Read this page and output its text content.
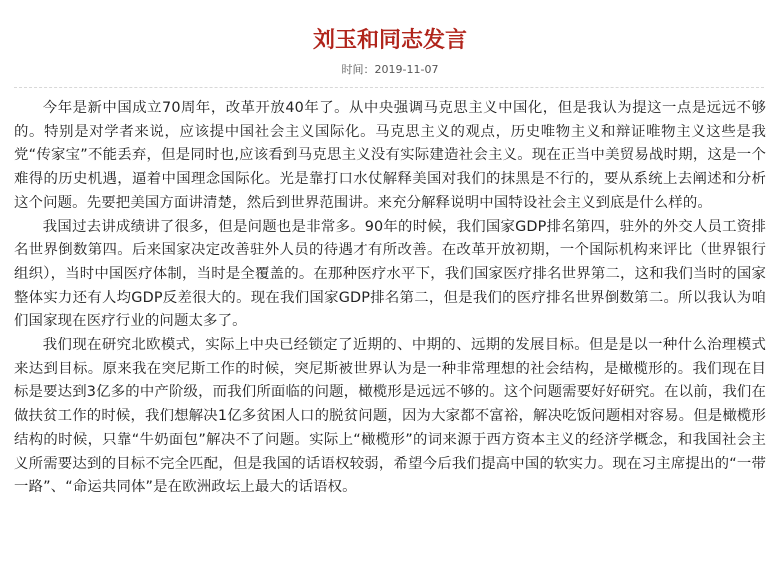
刘玉和同志发言
时间：2019-11-07

今年是新中国成立70周年，改革开放40年了。从中央强调马克思主义中国化，但是我认为提这一点是远远不够的。特别是对学者来说，应该提中国社会主义国际化。马克思主义的观点，历史唯物主义和辩证唯物主义这些是我党“传家宝”不能丢弃，但是同时也,应该看到马克思主义没有实际建造社会主义。现在正当中美贸易战时期，这是一个难得的历史机遇，逼着中国理念国际化。光是靠打口水仗解释美国对我们的抹黑是不行的，要从系统上去阐述和分析这个问题。先要把美国方面讲清楚，然后到世界范围讲。来充分解释说明中国特设社会主义到底是什么样的。

我国过去讲成绩讲了很多，但是问题也是非常多。90年的时候，我们国家GDP排名第四，驻外的外交人员工资排名世界倒数第四。后来国家决定改善驻外人员的待遇才有所改善。在改革开放初期，一个国际机构来评比（世界银行组织），当时中国医疗体制，当时是全覆盖的。在那种医疗水平下，我们国家医疗排名世界第二，这和我们当时的国家整体实力还有人均GDP反差很大的。现在我们国家GDP排名第二，但是我们的医疗排名世界倒数第二。所以我认为咱们国家现在医疗行业的问题太多了。

我们现在研究北欧模式，实际上中央已经锁定了近期的、中期的、远期的发展目标。但是是以一种什么治理模式来达到目标。原来我在突尼斯工作的时候，突尼斯被世界认为是一种非常理想的社会结构，是橄榄形的。我们现在目标是要达到3亿多的中产阶级，而我们所面临的问题，橄榄形是远远不够的。这个问题需要好好研究。在以前，我们在做扶贫工作的时候，我们想解决1亿多贫困人口的脱贫问题，因为大家都不富裕，解决吃饭问题相对容易。但是橄榄形结构的时候，只靠“牛奶面包”解决不了问题。实际上“橄榄形”的词来源于西方资本主义的经济学概念，和我国社会主义所需要达到的目标不完全匹配，但是我国的话语权较弱，希望今后我们提高中国的软实力。现在习主席提出的“一带一路”、“命运共同体”是在欧洲政坛上最大的话语权。
